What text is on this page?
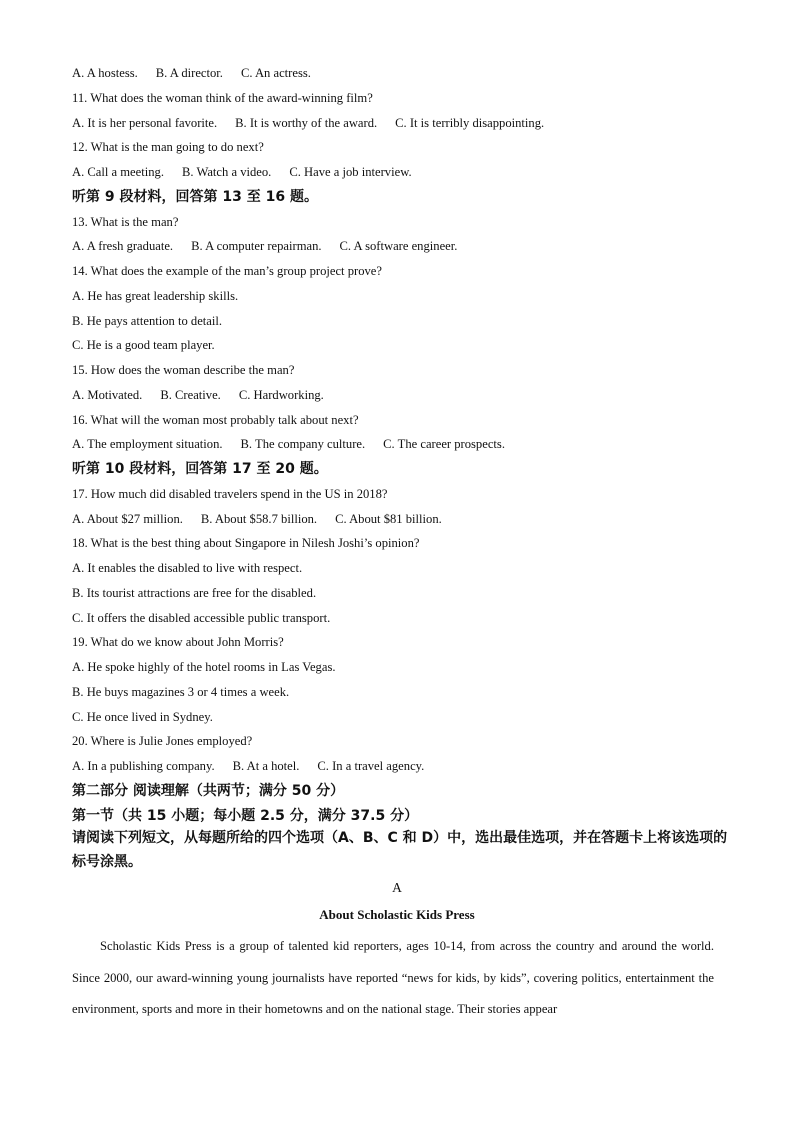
A. A hostess. B. A director. C. An actress.
11. What does the woman think of the award-winning film?
A. It is her personal favorite. B. It is worthy of the award. C. It is terribly disappointing.
12. What is the man going to do next?
A. Call a meeting. B. Watch a video. C. Have a job interview.
听第 9 段材料，回答第 13 至 16 题。
13. What is the man?
A. A fresh graduate. B. A computer repairman. C. A software engineer.
14. What does the example of the man’s group project prove?
A. He has great leadership skills.
B. He pays attention to detail.
C. He is a good team player.
15. How does the woman describe the man?
A. Motivated. B. Creative. C. Hardworking.
16. What will the woman most probably talk about next?
A. The employment situation. B. The company culture. C. The career prospects.
听第 10 段材料，回答第 17 至 20 题。
17. How much did disabled travelers spend in the US in 2018?
A. About $27 million. B. About $58.7 billion. C. About $81 billion.
18. What is the best thing about Singapore in Nilesh Joshi’s opinion?
A. It enables the disabled to live with respect.
B. Its tourist attractions are free for the disabled.
C. It offers the disabled accessible public transport.
19. What do we know about John Morris?
A. He spoke highly of the hotel rooms in Las Vegas.
B. He buys magazines 3 or 4 times a week.
C. He once lived in Sydney.
20. Where is Julie Jones employed?
A. In a publishing company. B. At a hotel. C. In a travel agency.
第二部分 阅读理解（共两节；满分 50 分）
第一节（共 15 小题；每小题 2.5 分，满分 37.5 分）
请阅读下列短文，从每题所给的四个选项（A、B、C 和 D）中，选出最佳选项，并在答题卡上将该选项的标号涂黑。
A
About Scholastic Kids Press
Scholastic Kids Press is a group of talented kid reporters, ages 10-14, from across the country and around the world. Since 2000, our award-winning young journalists have reported “news for kids, by kids”, covering politics, entertainment the environment, sports and more in their hometowns and on the national stage. Their stories appear
